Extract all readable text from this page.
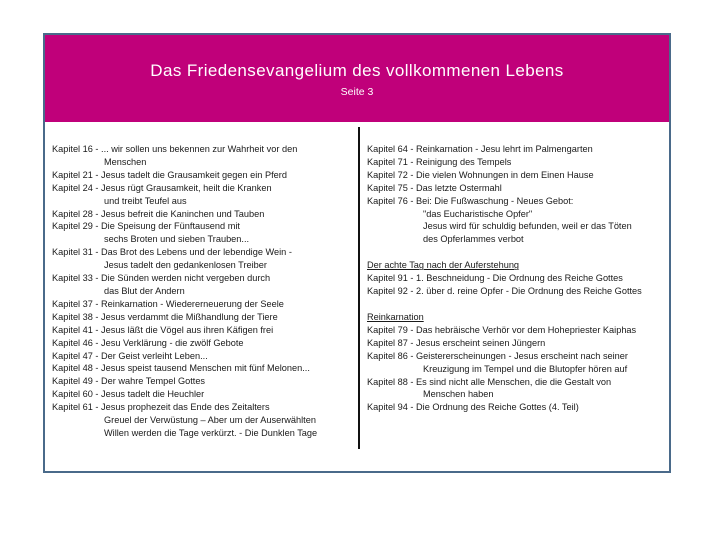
Das Friedensevangelium des vollkommenen Lebens
Seite 3
Kapitel 16 - ... wir sollen uns bekennen zur Wahrheit vor den
Menschen
Kapitel 21 - Jesus tadelt die Grausamkeit gegen ein Pferd
Kapitel 24 - Jesus rügt Grausamkeit, heilt die Kranken
und treibt Teufel aus
Kapitel 28 - Jesus befreit die Kaninchen und Tauben
Kapitel 29 - Die Speisung der Fünftausend mit
sechs Broten und sieben Trauben...
Kapitel 31 - Das Brot des Lebens und der lebendige Wein -
Jesus tadelt den gedankenlosen Treiber
Kapitel 33 - Die Sünden werden nicht vergeben durch
das Blut der Andern
Kapitel 37 - Reinkarnation - Wiedererneuerung der Seele
Kapitel 38 - Jesus verdammt die Mißhandlung der Tiere
Kapitel 41 - Jesus läßt die Vögel aus ihren Käfigen frei
Kapitel 46 - Jesu Verklärung - die zwölf Gebote
Kapitel 47 - Der Geist verleiht Leben...
Kapitel 48 - Jesus speist tausend Menschen mit fünf Melonen...
Kapitel 49 - Der wahre Tempel Gottes
Kapitel 60 - Jesus tadelt die Heuchler
Kapitel 61 - Jesus prophezeit das Ende des Zeitalters
Greuel der Verwüstung – Aber um der Auserwählten
Willen werden die Tage verkürzt. - Die Dunklen Tage
Kapitel 64 - Reinkarnation - Jesu lehrt im Palmengarten
Kapitel 71 - Reinigung des Tempels
Kapitel 72 - Die vielen Wohnungen in dem Einen Hause
Kapitel 75 - Das letzte Ostermahl
Kapitel 76 - Bei: Die Fußwaschung - Neues Gebot:
"das Eucharistische Opfer"
Jesus wird für schuldig befunden, weil er das Töten
des Opferlammes verbot
Der achte Tag nach der Auferstehung
Kapitel 91 - 1. Beschneidung - Die Ordnung des Reiche Gottes
Kapitel 92 - 2. über d. reine Opfer - Die Ordnung des Reiche Gottes
Reinkarnation
Kapitel 79 - Das hebräische Verhör vor dem Hohepriester Kaiphas
Kapitel 87 - Jesus erscheint seinen Jüngern
Kapitel 86 - Geistererscheinungen - Jesus erscheint nach seiner
Kreuzigung im Tempel und die Blutopfer hören auf
Kapitel 88 - Es sind nicht alle Menschen, die die Gestalt von
Menschen haben
Kapitel 94 - Die Ordnung des Reiche Gottes (4. Teil)
